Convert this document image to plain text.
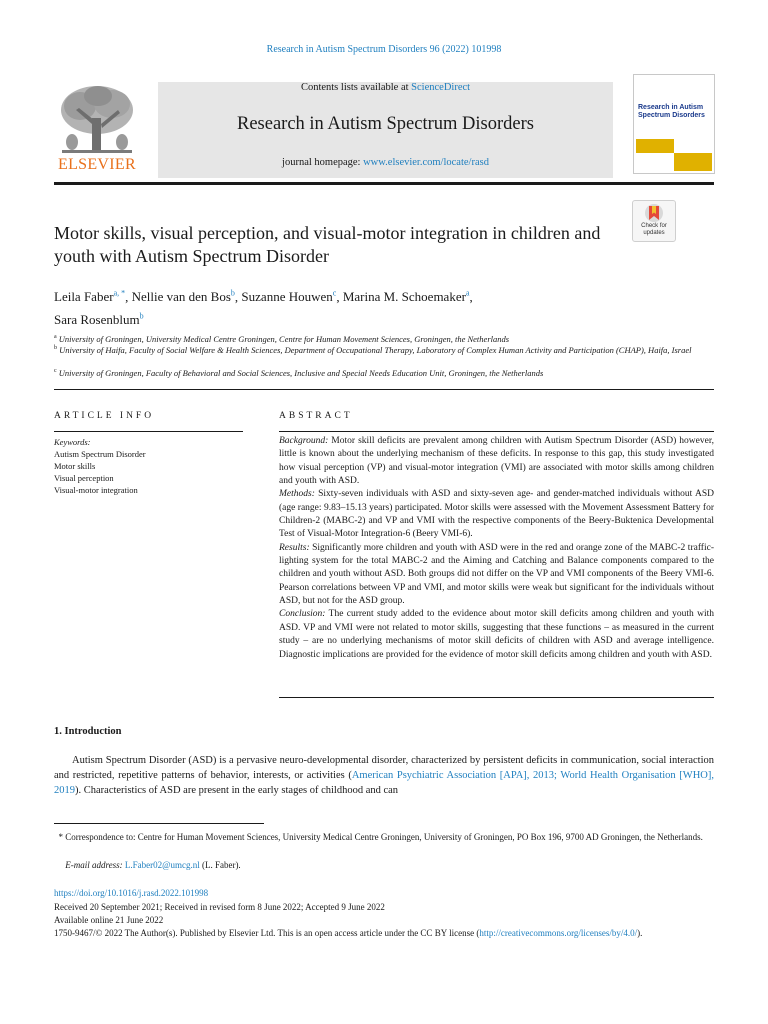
Research in Autism Spectrum Disorders 96 (2022) 101998
Contents lists available at ScienceDirect
Research in Autism Spectrum Disorders
journal homepage: www.elsevier.com/locate/rasd
ELSEVIER
Research in Autism Spectrum Disorders
Check for
updates
Motor skills, visual perception, and visual-motor integration in children and youth with Autism Spectrum Disorder
Leila Faber$^{a, *}$, Nellie van den Bos$^b$, Suzanne Houwen$^c$, Marina M. Schoemaker$^a$,
Sara Rosenblum$^b$
$^a$ University of Groningen, University Medical Centre Groningen, Centre for Human Movement Sciences, Groningen, the Netherlands
$^b$ University of Haifa, Faculty of Social Welfare & Health Sciences, Department of Occupational Therapy, Laboratory of Complex Human Activity and Participation (CHAP), Haifa, Israel
$^c$ University of Groningen, Faculty of Behavioral and Social Sciences, Inclusive and Special Needs Education Unit, Groningen, the Netherlands
ARTICLE INFO	ABSTRACT
Keywords:
Autism Spectrum Disorder
Motor skills
Visual perception
Visual-motor integration

Background: Motor skill deficits are prevalent among children with Autism Spectrum Disorder (ASD) however, little is known about the underlying mechanism of these deficits. In response to this gap, this study investigated how visual perception (VP) and visual-motor integration (VMI) are associated with motor skills among children and youth with ASD.

Methods: Sixty-seven individuals with ASD and sixty-seven age- and gender-matched individuals without ASD (age range: 9.83–15.13 years) participated. Motor skills were assessed with the Movement Assessment Battery for Children-2 (MABC-2) and VP and VMI with the respective components of the Beery-Buktenica Developmental Test of Visual-Motor Integration-6 (Beery VMI-6).

Results: Significantly more children and youth with ASD were in the red and orange zone of the MABC-2 traffic-lighting system for the total MABC-2 and the Aiming and Catching and Balance components compared to the children and youth without ASD. Both groups did not differ on the VP and VMI components of the Beery VMI-6. Pearson correlations between VP and VMI, and motor skills were weak but significant for the individuals without ASD, but not for the ASD group.

Conclusion: The current study added to the evidence about motor skill deficits among children and youth with ASD. VP and VMI were not related to motor skills, suggesting that these functions – as measured in the current study – are no underlying mechanisms of motor skill deficits of children with ASD and average intelligence. Diagnostic implications are provided for the evidence of motor skill deficits among children and youth with ASD.

1. Introduction
Autism Spectrum Disorder (ASD) is a pervasive neuro-developmental disorder, characterized by persistent deficits in communication, social interaction and restricted, repetitive patterns of behavior, interests, or activities (American Psychiatric Association [APA], 2013; World Health Organisation [WHO], 2019). Characteristics of ASD are present in the early stages of childhood and can
* Correspondence to: Centre for Human Movement Sciences, University Medical Centre Groningen, University of Groningen, PO Box 196, 9700 AD Groningen, the Netherlands.
E-mail address: L.Faber02@umcg.nl (L. Faber).
https://doi.org/10.1016/j.rasd.2022.101998
Received 20 September 2021; Received in revised form 8 June 2022; Accepted 9 June 2022
Available online 21 June 2022
1750-9467/© 2022 The Author(s). Published by Elsevier Ltd. This is an open access article under the CC BY license (http://creativecommons.org/licenses/by/4.0/).
